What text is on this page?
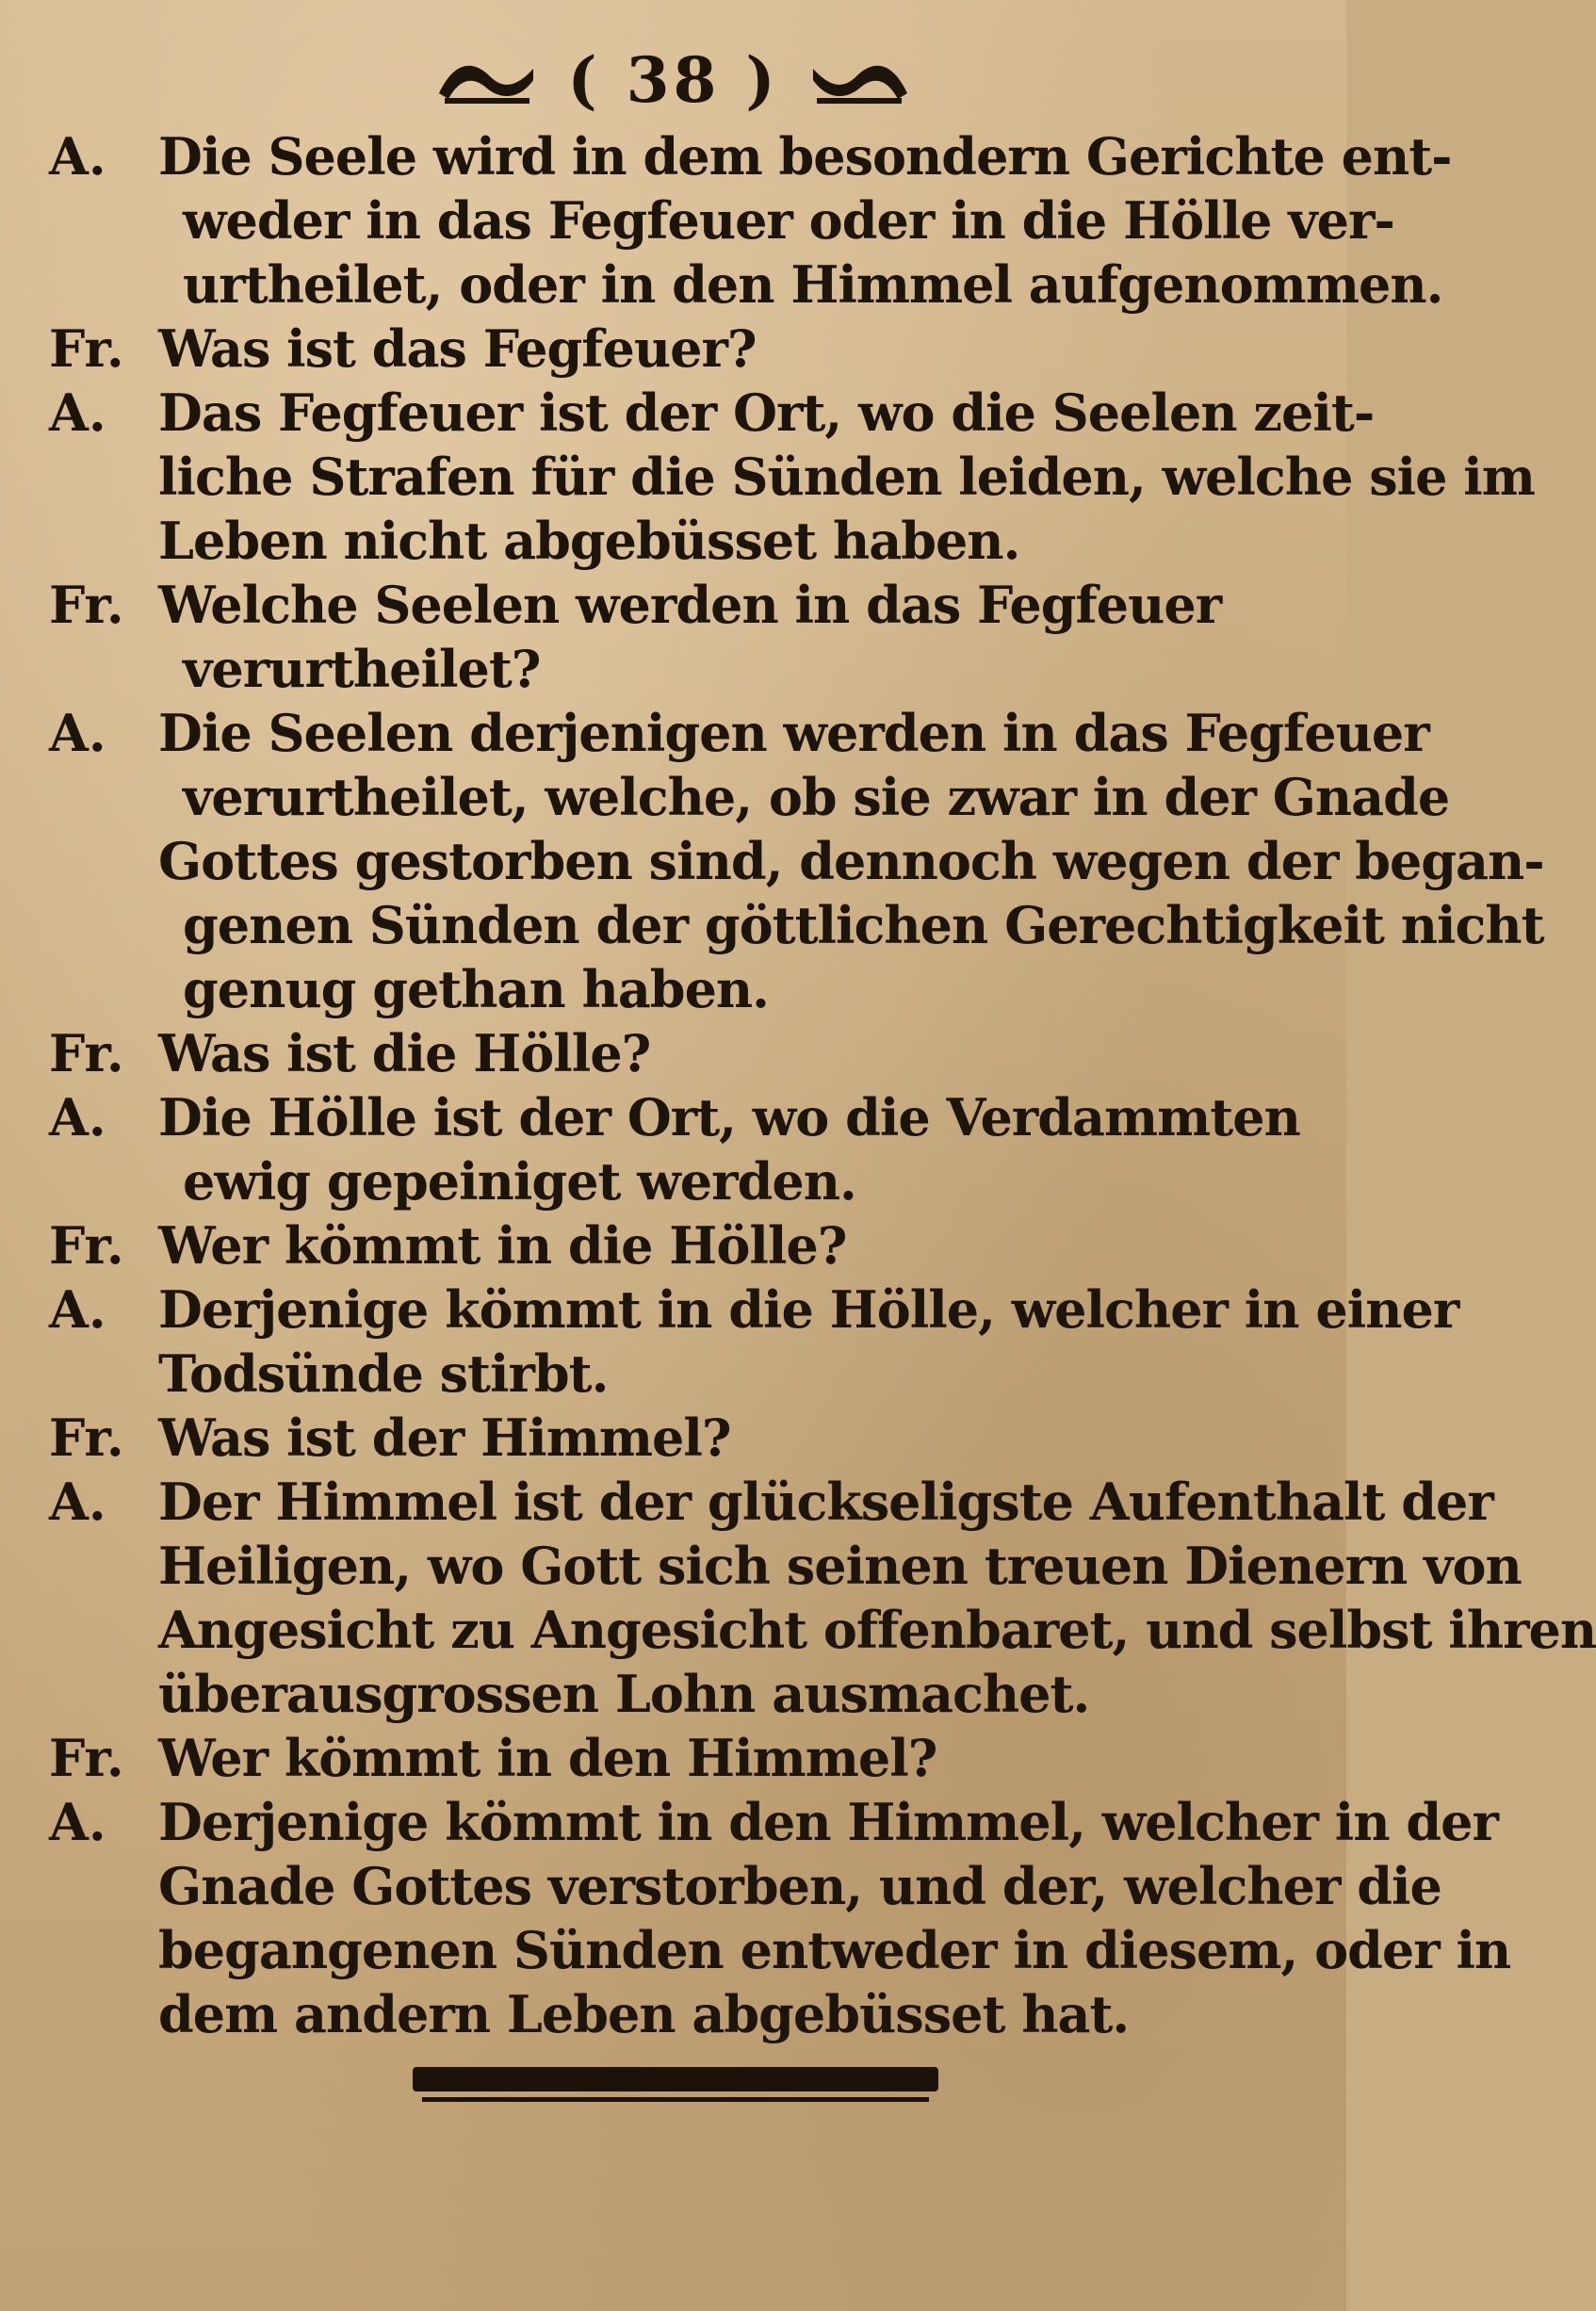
( 38 )
A.	Die Seele wird in dem besondern Gerichte ent-
weder in das Fegfeuer oder in die Hölle ver-
urtheilet, oder in den Himmel aufgenommen.
Fr. Was ist das Fegfeuer?
A.	Das Fegfeuer ist der Ort, wo die Seelen zeit-
liche Strafen für die Sünden leiden, welche sie im
Leben nicht abgebüsset haben.
Fr. Welche Seelen werden in das Fegfeuer
verurtheilet?
A.	Die Seelen derjenigen werden in das Fegfeuer
verurtheilet, welche, ob sie zwar in der Gnade
Gottes gestorben sind, dennoch wegen der began-
genen Sünden der göttlichen Gerechtigkeit nicht
genug gethan haben.
Fr. Was ist die Hölle?
A.	Die Hölle ist der Ort, wo die Verdammten
ewig gepeiniget werden.
Fr. Wer kömmt in die Hölle?
A.	Derjenige kömmt in die Hölle, welcher in einer
Todsünde stirbt.
Fr. Was ist der Himmel?
A.	Der Himmel ist der glückseligste Aufenthalt der
Heiligen, wo Gott sich seinen treuen Dienern von
Angesicht zu Angesicht offenbaret, und selbst ihren
überausgrossen Lohn ausmachet.
Fr. Wer kömmt in den Himmel?
A.	Derjenige kömmt in den Himmel, welcher in der
Gnade Gottes verstorben, und der, welcher die
begangenen Sünden entweder in diesem, oder in
dem andern Leben abgebüsset hat.
